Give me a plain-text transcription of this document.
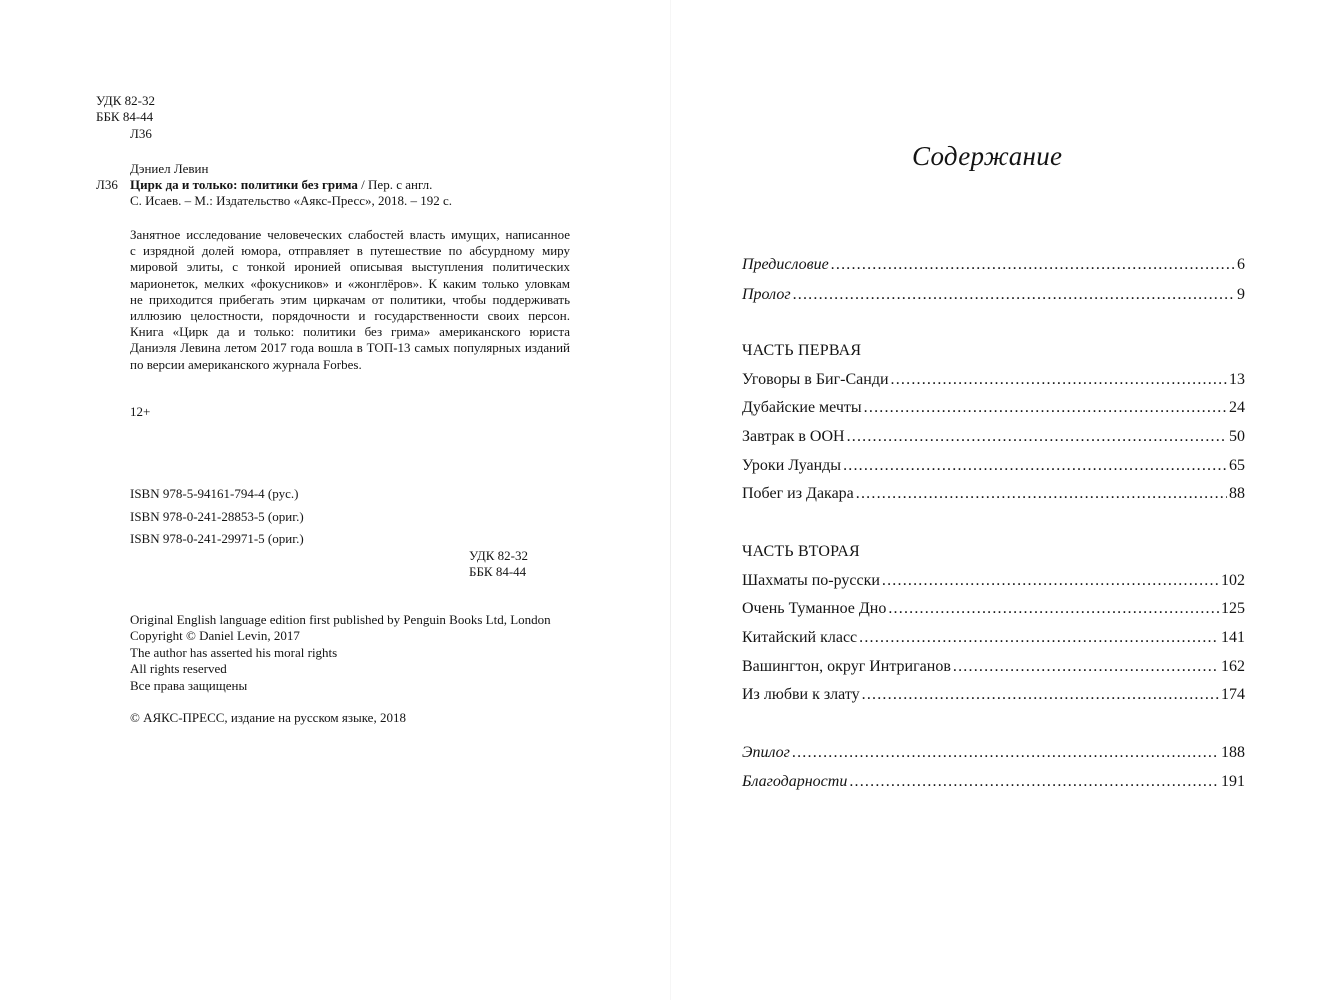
УДК 82-32
ББК 84-44
Л36
Дэниел Левин
Л36 Цирк да и только: политики без грима / Пер. с англ.
С. Исаев. – М.: Издательство «Аякс-Пресс», 2018. – 192 с.
Занятное исследование человеческих слабостей власть имущих, написанное
с изрядной долей юмора, отправляет в путешествие по абсурдному миру
мировой элиты, с тонкой иронией описывая выступления политических
марионеток, мелких «фокусников» и «жонглёров». К каким только уловкам
не приходится прибегать этим циркачам от политики, чтобы поддерживать
иллюзию целостности, порядочности и государственности своих персон.
Книга «Цирк да и только: политики без грима» американского юриста
Даниэля Левина летом 2017 года вошла в ТОП-13 самых популярных изданий
по версии американского журнала Forbes.
12+
ISBN 978-5-94161-794-4 (рус.)
ISBN 978-0-241-28853-5 (ориг.)
ISBN 978-0-241-29971-5 (ориг.)
УДК 82-32
ББК 84-44
Original English language edition first published by Penguin Books Ltd, London
Copyright © Daniel Levin, 2017
The author has asserted his moral rights
All rights reserved
Все права защищены
© АЯКС-ПРЕСС, издание на русском языке, 2018
Содержание
Предисловие .....	6
Пролог .....	9
ЧАСТЬ ПЕРВАЯ
Уговоры в Биг-Санди .....	13
Дубайские мечты .....	24
Завтрак в ООН .....	50
Уроки Луанды .....	65
Побег из Дакара .....	88
ЧАСТЬ ВТОРАЯ
Шахматы по-русски .....	102
Очень Туманное Дно .....	125
Китайский класс .....	141
Вашингтон, округ Интриганов .....	162
Из любви к злату .....	174
Эпилог .....	188
Благодарности .....	191
